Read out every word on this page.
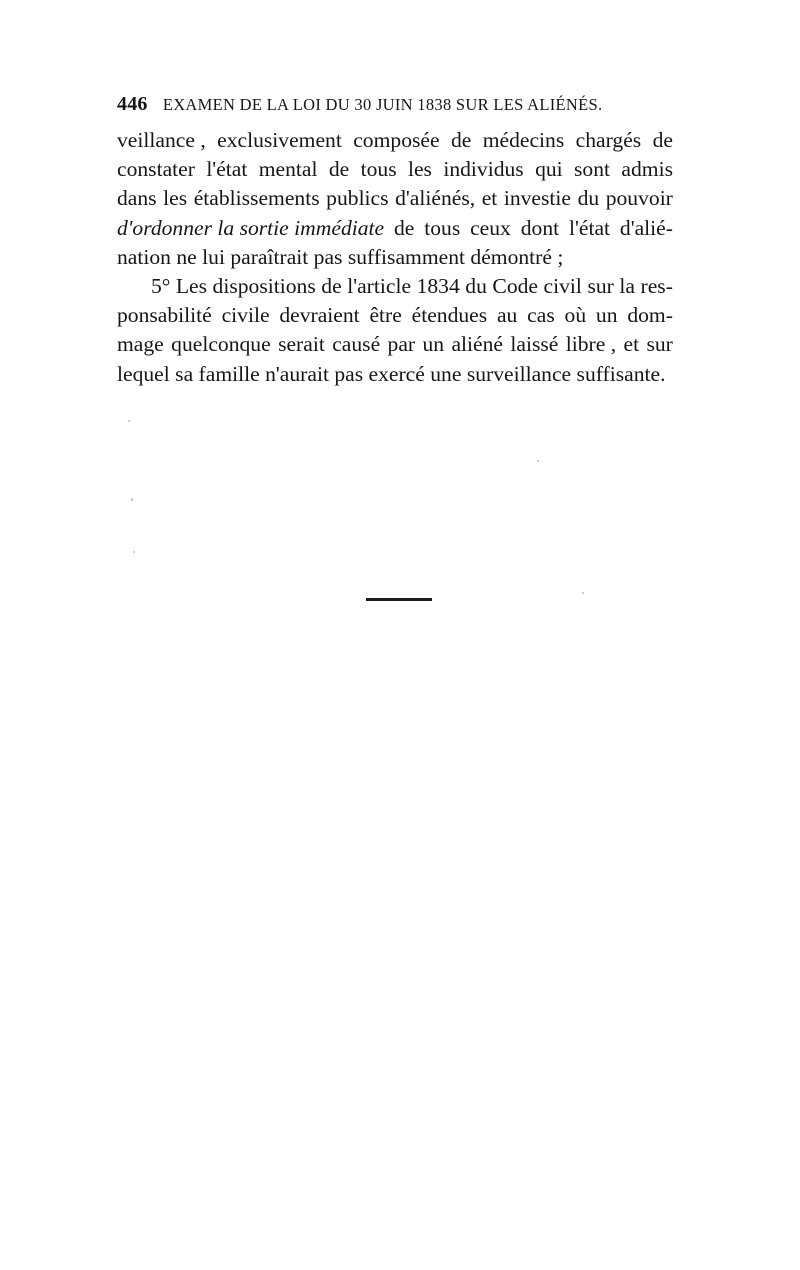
446 EXAMEN DE LA LOI DU 30 JUIN 1838 SUR LES ALIÉNÉS.
veillance , exclusivement composée de médecins chargés de
constater l'état mental de tous les individus qui sont admis
dans les établissements publics d'aliénés, et investie du pouvoir
d'ordonner la sortie immédiate de tous ceux dont l'état d'alié-
nation ne lui paraîtrait pas suffisamment démontré ;
5° Les dispositions de l'article 1834 du Code civil sur la res-
ponsabilité civile devraient être étendues au cas où un dom-
mage quelconque serait causé par un aliéné laissé libre , et sur
lequel sa famille n'aurait pas exercé une surveillance suffisante.
